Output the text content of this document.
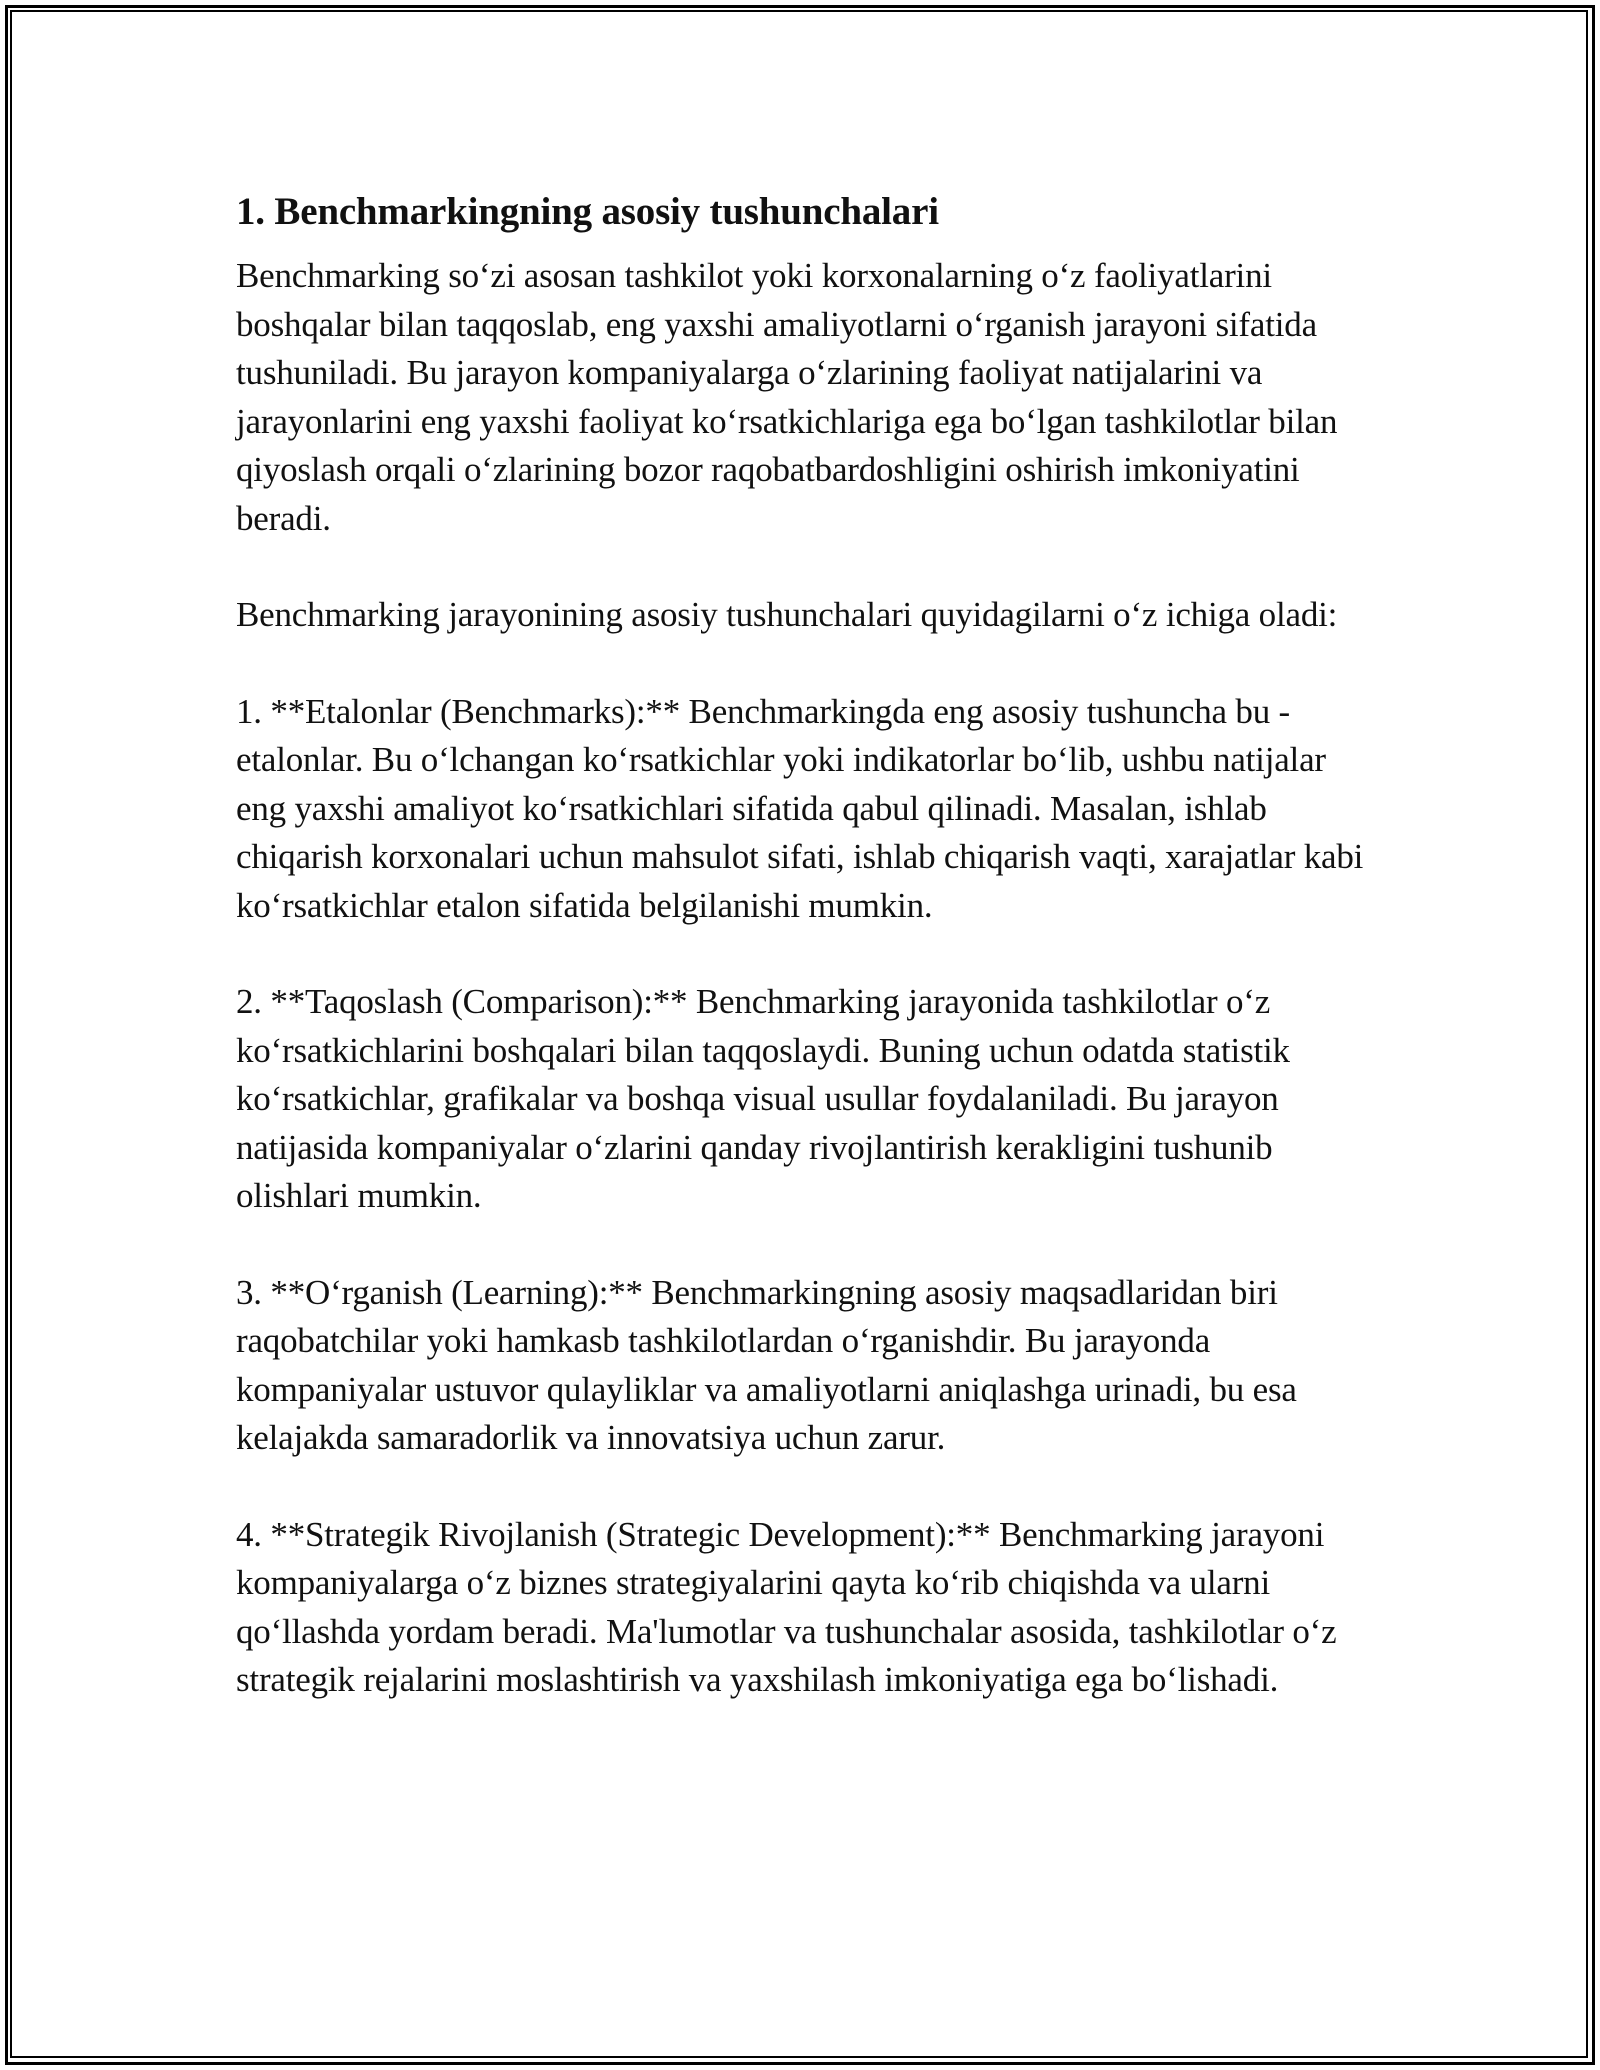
1. Benchmarkingning asosiy tushunchalari

Benchmarking so‘zi asosan tashkilot yoki korxonalarning o‘z faoliyatlarini boshqalar bilan taqqoslab, eng yaxshi amaliyotlarni o‘rganish jarayoni sifatida tushuniladi. Bu jarayon kompaniyalarga o‘zlarining faoliyat natijalarini va jarayonlarini eng yaxshi faoliyat ko‘rsatkichlariga ega bo‘lgan tashkilotlar bilan qiyoslash orqali o‘zlarining bozor raqobatbardoshligini oshirish imkoniyatini beradi.

Benchmarking jarayonining asosiy tushunchalari quyidagilarni o‘z ichiga oladi:

1. **Etalonlar (Benchmarks):** Benchmarkingda eng asosiy tushuncha bu - etalonlar. Bu o‘lchangan ko‘rsatkichlar yoki indikatorlar bo‘lib, ushbu natijalar eng yaxshi amaliyot ko‘rsatkichlari sifatida qabul qilinadi. Masalan, ishlab chiqarish korxonalari uchun mahsulot sifati, ishlab chiqarish vaqti, xarajatlar kabi ko‘rsatkichlar etalon sifatida belgilanishi mumkin.

2. **Taqoslash (Comparison):** Benchmarking jarayonida tashkilotlar o‘z ko‘rsatkichlarini boshqalari bilan taqqoslaydi. Buning uchun odatda statistik ko‘rsatkichlar, grafikalar va boshqa visual usullar foydalaniladi. Bu jarayon natijasida kompaniyalar o‘zlarini qanday rivojlantirish kerakligini tushunib olishlari mumkin.

3. **O‘rganish (Learning):** Benchmarkingning asosiy maqsadlaridan biri raqobatchilar yoki hamkasb tashkilotlardan o‘rganishdir. Bu jarayonda kompaniyalar ustuvor qulayliklar va amaliyotlarni aniqlashga urinadi, bu esa kelajakda samaradorlik va innovatsiya uchun zarur.

4. **Strategik Rivojlanish (Strategic Development):** Benchmarking jarayoni kompaniyalarga o‘z biznes strategiyalarini qayta ko‘rib chiqishda va ularni qo‘llashda yordam beradi. Ma'lumotlar va tushunchalar asosida, tashkilotlar o‘z strategik rejalarini moslashtirish va yaxshilash imkoniyatiga ega bo‘lishadi.
